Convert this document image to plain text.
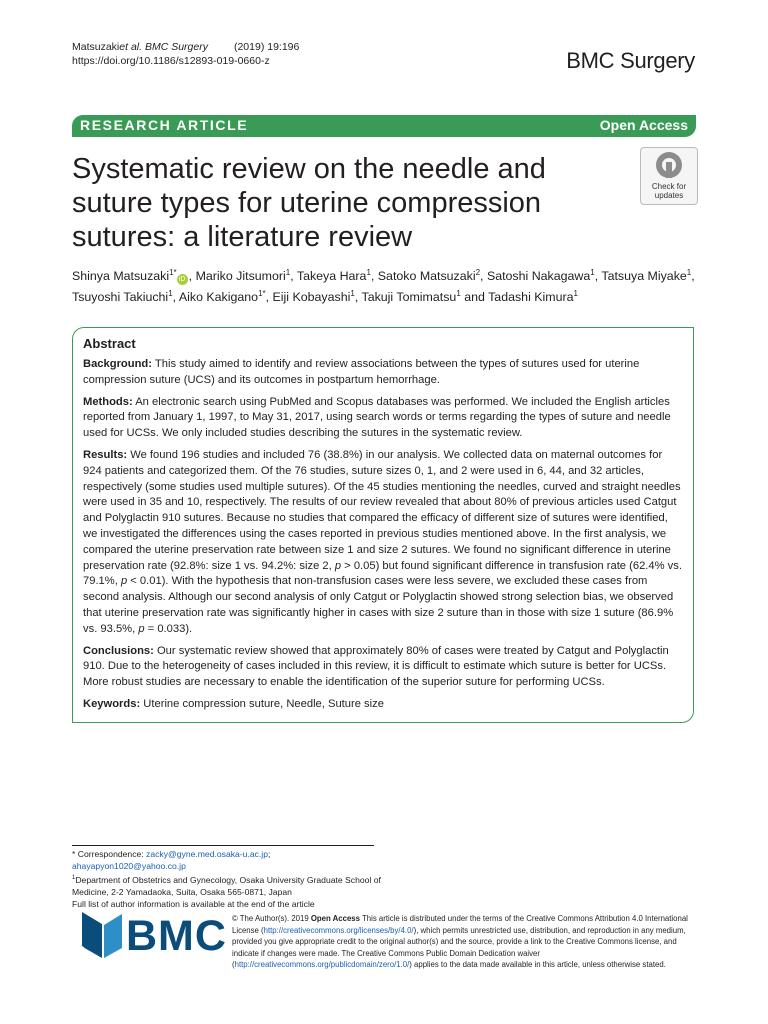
Matsuzakiet al. BMC Surgery (2019) 19:196
https://doi.org/10.1186/s12893-019-0660-z	BMC Surgery
RESEARCH ARTICLE	Open Access
Systematic review on the needle and suture types for uterine compression sutures: a literature review
Check for
updates
Shinya Matsuzaki$^{1*}$iD , Mariko Jitsumori$^1$, Takeya Hara$^1$, Satoko Matsuzaki$^2$, Satoshi Nakagawa$^1$, Tatsuya Miyake$^1$, Tsuyoshi Takiuchi$^1$, Aiko Kakigano$^{1*}$, Eiji Kobayashi$^1$, Takuji Tomimatsu$^1$ and Tadashi Kimura$^1$
Abstract

Background: This study aimed to identify and review associations between the types of sutures used for uterine compression suture (UCS) and its outcomes in postpartum hemorrhage.

Methods: An electronic search using PubMed and Scopus databases was performed. We included the English articles reported from January 1, 1997, to May 31, 2017, using search words or terms regarding the types of suture and needle used for UCSs. We only included studies describing the sutures in the systematic review.

Results: We found 196 studies and included 76 (38.8%) in our analysis. We collected data on maternal outcomes for 924 patients and categorized them. Of the 76 studies, suture sizes 0, 1, and 2 were used in 6, 44, and 32 articles, respectively (some studies used multiple sutures). Of the 45 studies mentioning the needles, curved and straight needles were used in 35 and 10, respectively. The results of our review revealed that about 80% of previous articles used Catgut and Polyglactin 910 sutures. Because no studies that compared the efficacy of different size of sutures were identified, we investigated the differences using the cases reported in previous studies mentioned above. In the first analysis, we compared the uterine preservation rate between size 1 and size 2 sutures. We found no significant difference in uterine preservation rate (92.8%: size 1 vs. 94.2%: size 2, p > 0.05) but found significant difference in transfusion rate (62.4% vs. 79.1%, p < 0.01). With the hypothesis that non-transfusion cases were less severe, we excluded these cases from second analysis. Although our second analysis of only Catgut or Polyglactin showed strong selection bias, we observed that uterine preservation rate was significantly higher in cases with size 2 suture than in those with size 1 suture (86.9% vs. 93.5%, p = 0.033).

Conclusions: Our systematic review showed that approximately 80% of cases were treated by Catgut and Polyglactin 910. Due to the heterogeneity of cases included in this review, it is difficult to estimate which suture is better for UCSs. More robust studies are necessary to enable the identification of the superior suture for performing UCSs.

Keywords: Uterine compression suture, Needle, Suture size

* Correspondence: zacky@gyne.med.osaka-u.ac.jp;
ahayapyon1020@yahoo.co.jp
$^1$Department of Obstetrics and Gynecology, Osaka University Graduate School of Medicine, 2-2 Yamadaoka, Suita, Osaka 565-0871, Japan
Full list of author information is available at the end of the article
BMC © The Author(s). 2019 Open Access This article is distributed under the terms of the Creative Commons Attribution 4.0 International License (http://creativecommons.org/licenses/by/4.0/), which permits unrestricted use, distribution, and reproduction in any medium, provided you give appropriate credit to the original author(s) and the source, provide a link to the Creative Commons license, and indicate if changes were made. The Creative Commons Public Domain Dedication waiver (http://creativecommons.org/publicdomain/zero/1.0/) applies to the data made available in this article, unless otherwise stated.
